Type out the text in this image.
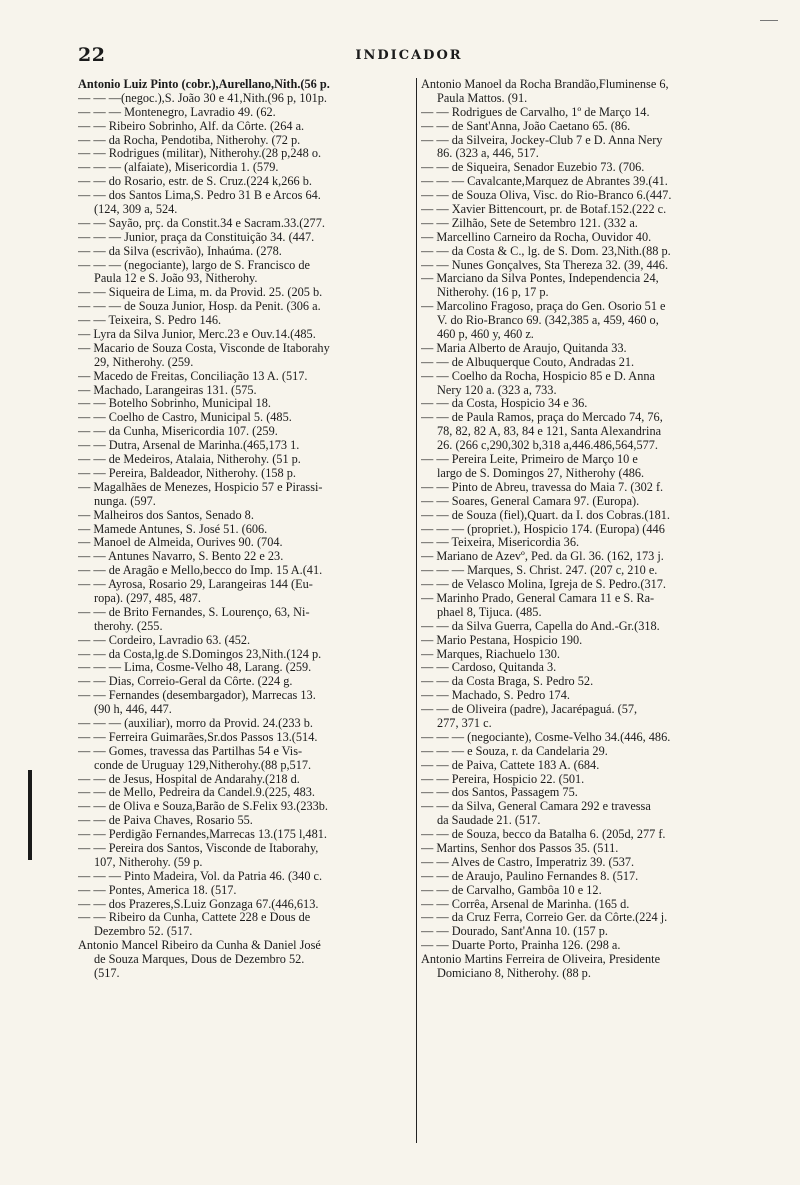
22	INDICADOR
Antonio Luiz Pinto (cobr.),Aurellano,Nith.(56 p.
— — —(negoc.),S. João 30 e 41,Nith.(96 p, 101p.
— — — Montenegro, Lavradio 49. (62.
— — Ribeiro Sobrinho, Alf. da Côrte. (264 a.
— — da Rocha, Pendotiba, Nitherohy. (72 p.
— — Rodrigues (militar), Nitherohy.(28 p,248 o.
— — — (alfaiate), Misericordia 1. (579.
— — do Rosario, estr. de S. Cruz.(224 k,266 b.
— — dos Santos Lima,S. Pedro 31 B e Arcos 64.
(124, 309 a, 524.
— — Sayão, prç. da Constit.34 e Sacram.33.(277.
— — — Junior, praça da Constituição 34. (447.
— — da Silva (escrivão), Inhaúma. (278.
— — — (negociante), largo de S. Francisco de
Paula 12 e S. João 93, Nitherohy.
— — Siqueira de Lima, m. da Provid. 25. (205 b.
— — — de Souza Junior, Hosp. da Penit. (306 a.
— — Teixeira, S. Pedro 146.
— Lyra da Silva Junior, Merc.23 e Ouv.14.(485.
— Macario de Souza Costa, Visconde de Itaborahy
29, Nitherohy. (259.
— Macedo de Freitas, Conciliação 13 A. (517.
— Machado, Larangeiras 131. (575.
— — Botelho Sobrinho, Municipal 18.
— — Coelho de Castro, Municipal 5. (485.
— — da Cunha, Misericordia 107. (259.
— — Dutra, Arsenal de Marinha.(465,173 1.
— — de Medeiros, Atalaia, Nitherohy. (51 p.
— — Pereira, Baldeador, Nitherohy. (158 p.
— Magalhães de Menezes, Hospicio 57 e Pirassi-
nunga. (597.
— Malheiros dos Santos, Senado 8.
— Mamede Antunes, S. José 51. (606.
— Manoel de Almeida, Ourives 90. (704.
— — Antunes Navarro, S. Bento 22 e 23.
— — de Aragão e Mello,becco do Imp. 15 A.(41.
— — Ayrosa, Rosario 29, Larangeiras 144 (Eu-
ropa). (297, 485, 487.
— — de Brito Fernandes, S. Lourenço, 63, Ni-
therohy. (255.
— — Cordeiro, Lavradio 63. (452.
— — da Costa,lg.de S.Domingos 23,Nith.(124 p.
— — — Lima, Cosme-Velho 48, Larang. (259.
— — Dias, Correio-Geral da Côrte. (224 g.
— — Fernandes (desembargador), Marrecas 13.
(90 h, 446, 447.
— — — (auxiliar), morro da Provid. 24.(233 b.
— — Ferreira Guimarães,Sr.dos Passos 13.(514.
— — Gomes, travessa das Partilhas 54 e Vis-
conde de Uruguay 129,Nitherohy.(88 p,517.
— — de Jesus, Hospital de Andarahy.(218 d.
— — de Mello, Pedreira da Candel.9.(225, 483.
— — de Oliva e Souza,Barão de S.Felix 93.(233b.
— — de Paiva Chaves, Rosario 55.
— — Perdigão Fernandes,Marrecas 13.(175 l,481.
— — Pereira dos Santos, Visconde de Itaborahy,
107, Nitherohy. (59 p.
— — — Pinto Madeira, Vol. da Patria 46. (340 c.
— — Pontes, America 18. (517.
— — dos Prazeres,S.Luiz Gonzaga 67.(446,613.
— — Ribeiro da Cunha, Cattete 228 e Dous de
Dezembro 52. (517.
Antonio Mancel Ribeiro da Cunha & Daniel José
de Souza Marques, Dous de Dezembro 52.
(517.
Antonio Manoel da Rocha Brandão,Fluminense 6,
Paula Mattos. (91.
— — Rodrigues de Carvalho, 1º de Março 14.
— — de Sant'Anna, João Caetano 65. (86.
— — da Silveira, Jockey-Club 7 e D. Anna Nery
86. (323 a, 446, 517.
— — de Siqueira, Senador Euzebio 73. (706.
— — — Cavalcante,Marquez de Abrantes 39.(41.
— — de Souza Oliva, Visc. do Rio-Branco 6.(447.
— — Xavier Bittencourt, pr. de Botaf.152.(222 c.
— — Zilhão, Sete de Setembro 121. (332 a.
— Marcellino Carneiro da Rocha, Ouvidor 40.
— — da Costa & C., lg. de S. Dom. 23,Nith.(88 p.
— — Nunes Gonçalves, Sta Thereza 32. (39, 446.
— Marciano da Silva Pontes, Independencia 24,
Nitherohy. (16 p, 17 p.
— Marcolino Fragoso, praça do Gen. Osorio 51 e
V. do Rio-Branco 69. (342,385 a, 459, 460 o,
460 p, 460 y, 460 z.
— Maria Alberto de Araujo, Quitanda 33.
— — de Albuquerque Couto, Andradas 21.
— — Coelho da Rocha, Hospicio 85 e D. Anna
Nery 120 a. (323 a, 733.
— — da Costa, Hospicio 34 e 36.
— — de Paula Ramos, praça do Mercado 74, 76,
78, 82, 82 A, 83, 84 e 121, Santa Alexandrina
26. (266 c,290,302 b,318 a,446.486,564,577.
— — Pereira Leite, Primeiro de Março 10 e
largo de S. Domingos 27, Nitherohy (486.
— — Pinto de Abreu, travessa do Maia 7. (302 f.
— — Soares, General Camara 97. (Europa).
— — de Souza (fiel),Quart. da I. dos Cobras.(181.
— — — (propriet.), Hospicio 174. (Europa) (446
— — Teixeira, Misericordia 36.
— Mariano de Azevº, Ped. da Gl. 36. (162, 173 j.
— — — Marques, S. Christ. 247. (207 c, 210 e.
— — de Velasco Molina, Igreja de S. Pedro.(317.
— Marinho Prado, General Camara 11 e S. Ra-
phael 8, Tijuca. (485.
— — da Silva Guerra, Capella do And.-Gr.(318.
— Mario Pestana, Hospicio 190.
— Marques, Riachuelo 130.
— — Cardoso, Quitanda 3.
— — da Costa Braga, S. Pedro 52.
— — Machado, S. Pedro 174.
— — de Oliveira (padre), Jacarépaguá. (57,
277, 371 c.
— — — (negociante), Cosme-Velho 34.(446, 486.
— — — e Souza, r. da Candelaria 29.
— — de Paiva, Cattete 183 A. (684.
— — Pereira, Hospicio 22. (501.
— — dos Santos, Passagem 75.
— — da Silva, General Camara 292 e travessa
da Saudade 21. (517.
— — de Souza, becco da Batalha 6. (205d, 277 f.
— Martins, Senhor dos Passos 35. (511.
— — Alves de Castro, Imperatriz 39. (537.
— — de Araujo, Paulino Fernandes 8. (517.
— — de Carvalho, Gambôa 10 e 12.
— — Corrêa, Arsenal de Marinha. (165 d.
— — da Cruz Ferra, Correio Ger. da Côrte.(224 j.
— — Dourado, Sant'Anna 10. (157 p.
— — Duarte Porto, Prainha 126. (298 a.
Antonio Martins Ferreira de Oliveira, Presidente
Domiciano 8, Nitherohy. (88 p.
